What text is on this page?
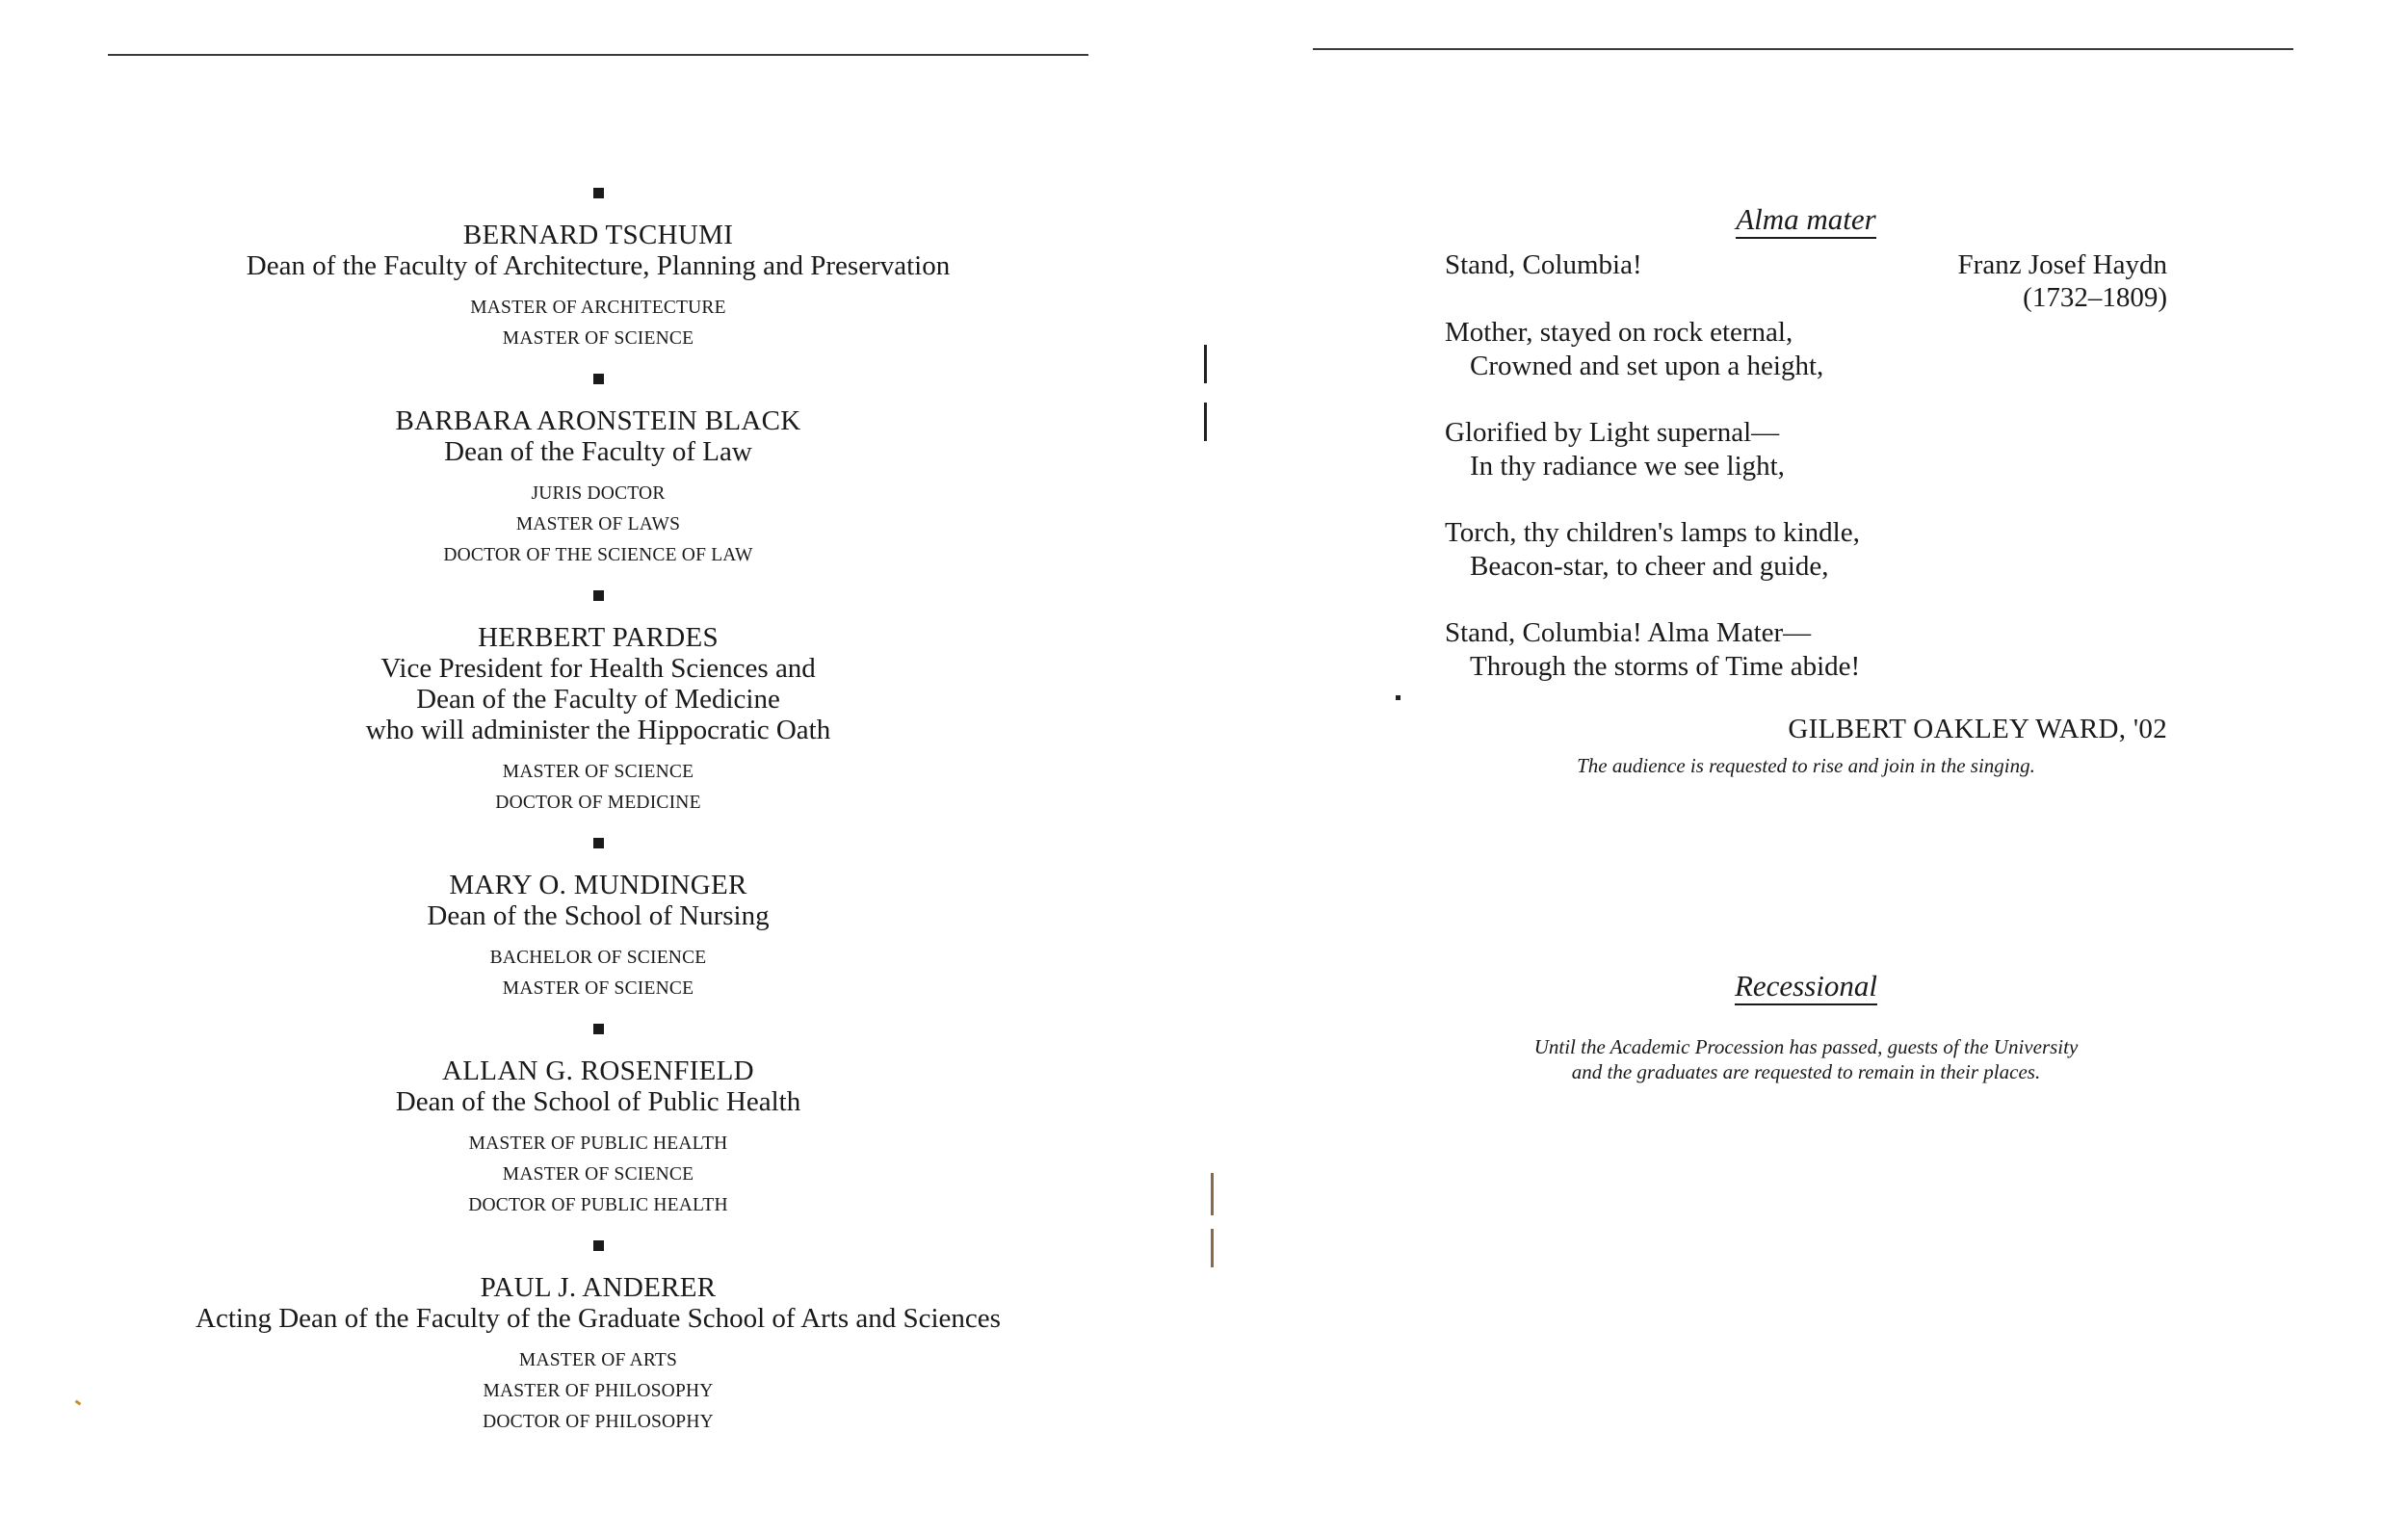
BERNARD TSCHUMI
Dean of the Faculty of Architecture, Planning and Preservation
MASTER OF ARCHITECTURE
MASTER OF SCIENCE
BARBARA ARONSTEIN BLACK
Dean of the Faculty of Law
JURIS DOCTOR
MASTER OF LAWS
DOCTOR OF THE SCIENCE OF LAW
HERBERT PARDES
Vice President for Health Sciences and
Dean of the Faculty of Medicine
who will administer the Hippocratic Oath
MASTER OF SCIENCE
DOCTOR OF MEDICINE
MARY O. MUNDINGER
Dean of the School of Nursing
BACHELOR OF SCIENCE
MASTER OF SCIENCE
ALLAN G. ROSENFIELD
Dean of the School of Public Health
MASTER OF PUBLIC HEALTH
MASTER OF SCIENCE
DOCTOR OF PUBLIC HEALTH
PAUL J. ANDERER
Acting Dean of the Faculty of the Graduate School of Arts and Sciences
MASTER OF ARTS
MASTER OF PHILOSOPHY
DOCTOR OF PHILOSOPHY
Alma mater
Stand, Columbia!	Franz Josef Haydn
(1732–1809)
Mother, stayed on rock eternal,
Crowned and set upon a height,
Glorified by Light supernal—
In thy radiance we see light,
Torch, thy children's lamps to kindle,
Beacon-star, to cheer and guide,
Stand, Columbia! Alma Mater—
Through the storms of Time abide!
GILBERT OAKLEY WARD, '02
The audience is requested to rise and join in the singing.
Recessional
Until the Academic Procession has passed, guests of the University
and the graduates are requested to remain in their places.
